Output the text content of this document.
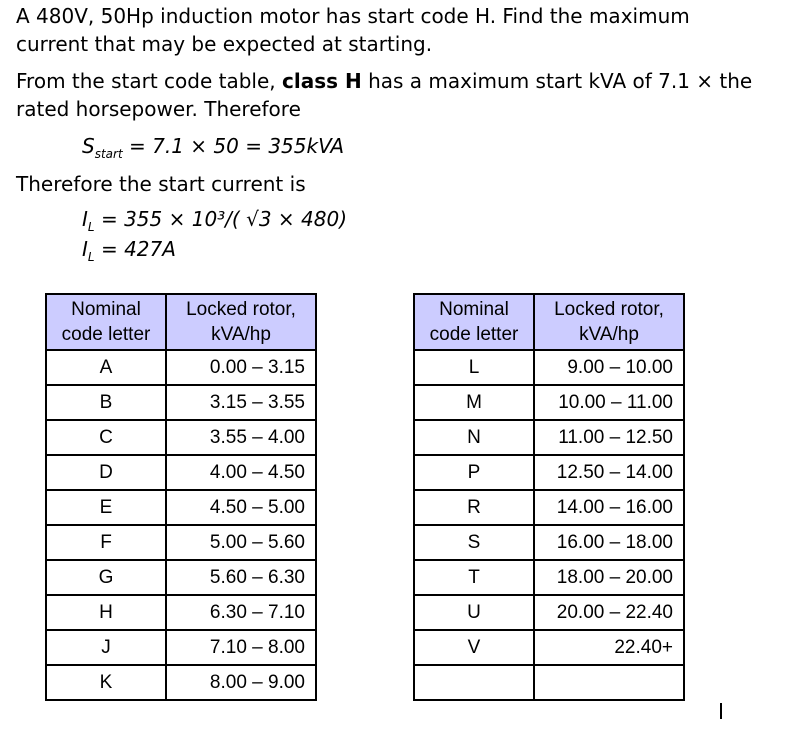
A 480V, 50Hp induction motor has start code H. Find the maximum
current that may be expected at starting.
From the start code table, class H has a maximum start kVA of 7.1 × the
rated horsepower. Therefore
$S_{start} = 7.1 \times 50 = 355kVA$
Therefore the start current is
$I_L = 355 \times 10^3/$( √3 × 480)
$I_L = 427A$
Nominal
code letter	Locked rotor,
kVA/hp
A	0.00 – 3.15
B	3.15 – 3.55
C	3.55 – 4.00
D	4.00 – 4.50
E	4.50 – 5.00
F	5.00 – 5.60
G	5.60 – 6.30
H	6.30 – 7.10
J	7.10 – 8.00
K	8.00 – 9.00
Nominal
code letter	Locked rotor,
kVA/hp
L	9.00 – 10.00
M	10.00 – 11.00
N	11.00 – 12.50
P	12.50 – 14.00
R	14.00 – 16.00
S	16.00 – 18.00
T	18.00 – 20.00
U	20.00 – 22.40
V	22.40+
